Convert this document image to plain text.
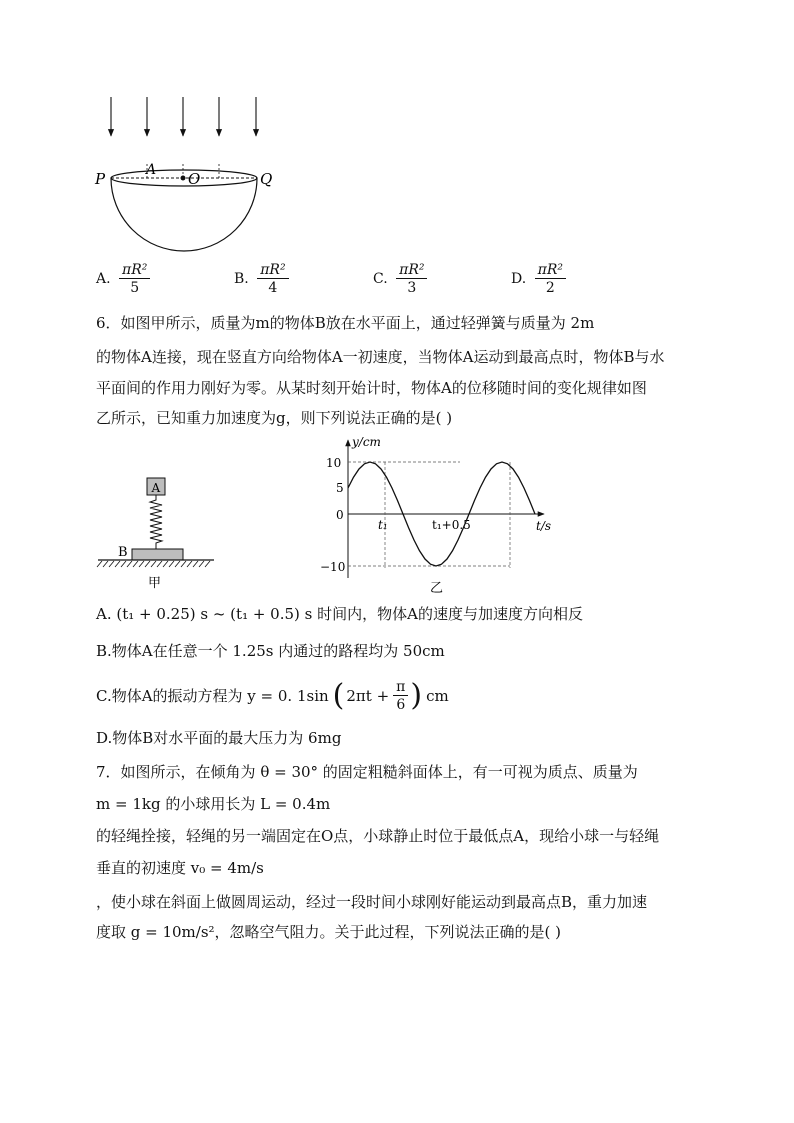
P	A O	Q
A. $\frac{\text{πR²}}{5}$	B. $\frac{\text{πR²}}{4}$	C. $\frac{\text{πR²}}{3}$	D. $\frac{\text{πR²}}{2}$
6．如图甲所示，质量为m的物体B放在水平面上，通过轻弹簧与质量为 2m
的物体A连接，现在竖直方向给物体A一初速度，当物体A运动到最高点时，物体B与水
平面间的作用力刚好为零。从某时刻开始计时，物体A的位移随时间的变化规律如图
乙所示，已知重力加速度为g，则下列说法正确的是( )
A
B
甲
y/cm
10
5
0
−10
t₁	t₁+0.5	t/s
乙
A. (t₁ + 0.25) s ~ (t₁ + 0.5) s 时间内，物体A的速度与加速度方向相反
B.物体A在任意一个 1.25s 内通过的路程均为 50cm
C.物体A的振动方程为 y = 0. 1sin ( $2\pi t + \frac{\pi}{6}$ ) cm
D.物体B对水平面的最大压力为 6mg
7．如图所示，在倾角为 θ = 30° 的固定粗糙斜面体上，有一可视为质点、质量为
m = 1kg 的小球用长为 L = 0.4m
的轻绳拴接，轻绳的另一端固定在O点，小球静止时位于最低点A，现给小球一与轻绳
垂直的初速度 v₀ = 4m/s
，使小球在斜面上做圆周运动，经过一段时间小球刚好能运动到最高点B，重力加速
度取 g = 10m/s²，忽略空气阻力。关于此过程，下列说法正确的是( )
